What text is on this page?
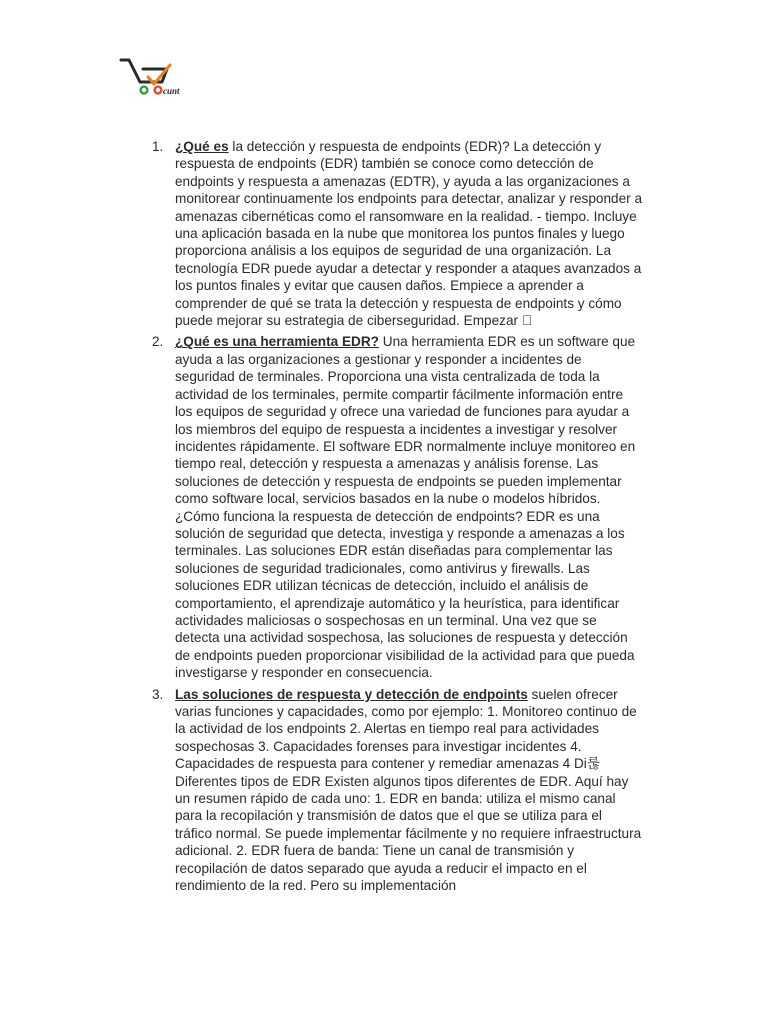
cunt
1. ¿Qué es la detección y respuesta de endpoints (EDR)? La detección y respuesta de endpoints (EDR) también se conoce como detección de endpoints y respuesta a amenazas (EDTR), y ayuda a las organizaciones a monitorear continuamente los endpoints para detectar, analizar y responder a amenazas cibernéticas como el ransomware en la realidad. - tiempo. Incluye una aplicación basada en la nube que monitorea los puntos finales y luego proporciona análisis a los equipos de seguridad de una organización. La tecnología EDR puede ayudar a detectar y responder a ataques avanzados a los puntos finales y evitar que causen daños. Empiece a aprender a comprender de qué se trata la detección y respuesta de endpoints y cómo puede mejorar su estrategia de ciberseguridad. Empezar ⃞
2. ¿Qué es una herramienta EDR? Una herramienta EDR es un software que ayuda a las organizaciones a gestionar y responder a incidentes de seguridad de terminales. Proporciona una vista centralizada de toda la actividad de los terminales, permite compartir fácilmente información entre los equipos de seguridad y ofrece una variedad de funciones para ayudar a los miembros del equipo de respuesta a incidentes a investigar y resolver incidentes rápidamente. El software EDR normalmente incluye monitoreo en tiempo real, detección y respuesta a amenazas y análisis forense. Las soluciones de detección y respuesta de endpoints se pueden implementar como software local, servicios basados en la nube o modelos híbridos. ¿Cómo funciona la respuesta de detección de endpoints? EDR es una solución de seguridad que detecta, investiga y responde a amenazas a los terminales. Las soluciones EDR están diseñadas para complementar las soluciones de seguridad tradicionales, como antivirus y firewalls. Las soluciones EDR utilizan técnicas de detección, incluido el análisis de comportamiento, el aprendizaje automático y la heurística, para identificar actividades maliciosas o sospechosas en un terminal. Una vez que se detecta una actividad sospechosa, las soluciones de respuesta y detección de endpoints pueden proporcionar visibilidad de la actividad para que pueda investigarse y responder en consecuencia.
3. Las soluciones de respuesta y detección de endpoints suelen ofrecer varias funciones y capacidades, como por ejemplo: 1. Monitoreo continuo de la actividad de los endpoints 2. Alertas en tiempo real para actividades sospechosas 3. Capacidades forenses para investigar incidentes 4. Capacidades de respuesta para contener y remediar amenazas 4 Di룮 Diferentes tipos de EDR Existen algunos tipos diferentes de EDR. Aquí hay un resumen rápido de cada uno: 1. EDR en banda: utiliza el mismo canal para la recopilación y transmisión de datos que el que se utiliza para el tráfico normal. Se puede implementar fácilmente y no requiere infraestructura adicional. 2. EDR fuera de banda: Tiene un canal de transmisión y recopilación de datos separado que ayuda a reducir el impacto en el rendimiento de la red. Pero su implementación
